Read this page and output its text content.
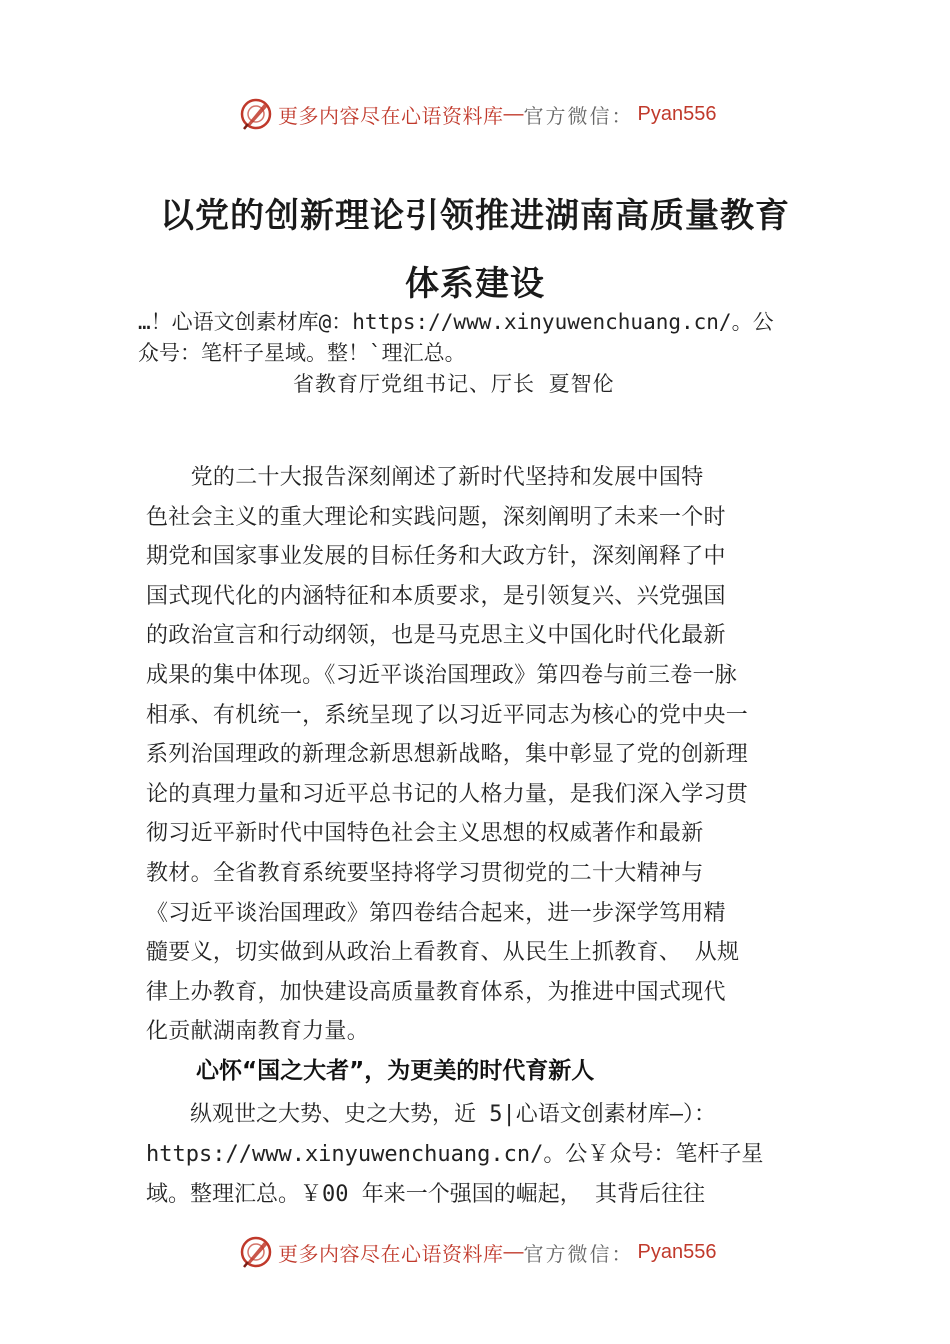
更多内容尽在心语资料库 — 官方微信： Pyan556
以党的创新理论引领推进湖南高质量教育
体系建设
…！心语文创素材库@：https://www.xinyuwenchuang.cn/。公
众号：笔杆子星域。整！`理汇总。
省教育厅党组书记、厅长 夏智伦
　　党的二十大报告深刻阐述了新时代坚持和发展中国特
色社会主义的重大理论和实践问题，深刻阐明了未来一个时
期党和国家事业发展的目标任务和大政方针，深刻阐释了中
国式现代化的内涵特征和本质要求，是引领复兴、兴党强国
的政治宣言和行动纲领，也是马克思主义中国化时代化最新
成果的集中体现。《习近平谈治国理政》第四卷与前三卷一脉
相承、有机统一，系统呈现了以习近平同志为核心的党中央一
系列治国理政的新理念新思想新战略，集中彰显了党的创新理
论的真理力量和习近平总书记的人格力量，是我们深入学习贯
彻习近平新时代中国特色社会主义思想的权威著作和最新
教材。全省教育系统要坚持将学习贯彻党的二十大精神与
《习近平谈治国理政》第四卷结合起来，进一步深学笃用精
髓要义，切实做到从政治上看教育、从民生上抓教育、 从规
律上办教育，加快建设高质量教育体系，为推进中国式现代
化贡献湖南教育力量。
心怀“国之大者”，为更美的时代育新人
　　纵观世之大势、史之大势，近 5|心语文创素材库—）：
https://www.xinyuwenchuang.cn/。公￥众号：笔杆子星
域。整理汇总。￥00 年来一个强国的崛起， 其背后往往
更多内容尽在心语资料库 — 官方微信： Pyan556
